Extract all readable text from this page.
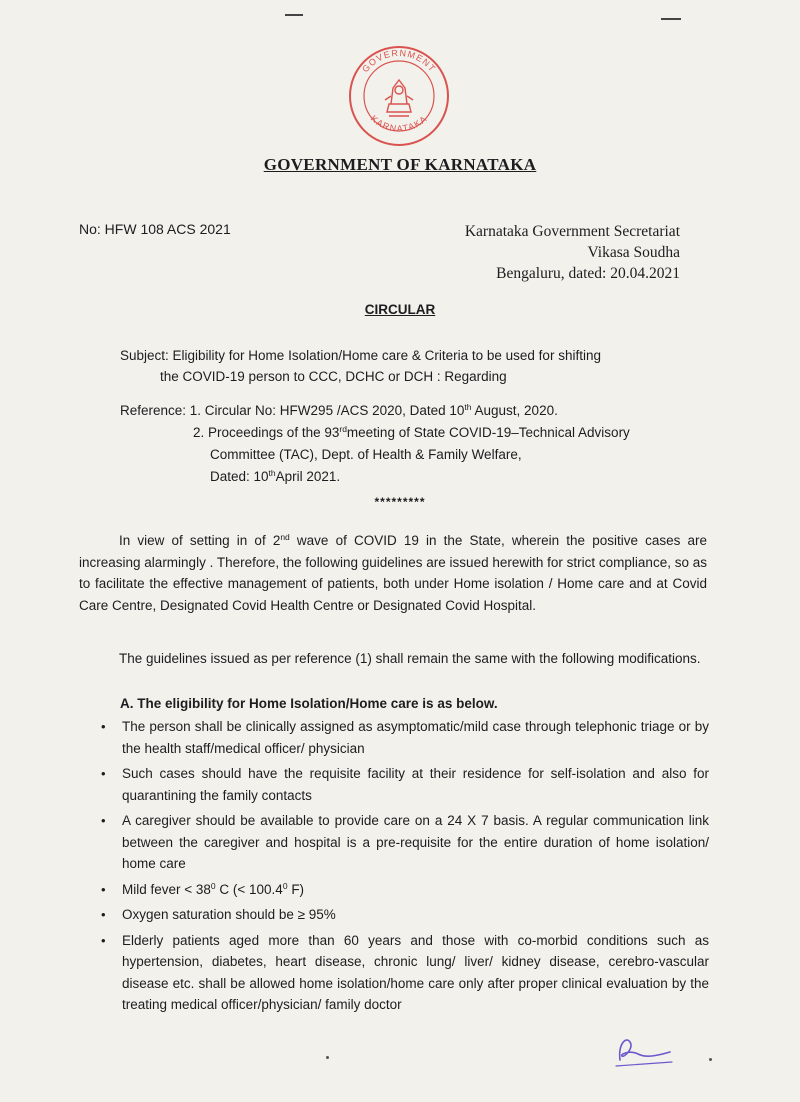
GOVERNMENT
KARNATAKA
GOVERNMENT OF KARNATAKA
No: HFW 108 ACS 2021	Karnataka Government Secretariat
Vikasa Soudha
Bengaluru, dated: 20.04.2021
CIRCULAR
Subject: Eligibility for Home Isolation/Home care & Criteria to be used for shifting
the COVID-19 person to CCC, DCHC or DCH : Regarding
Reference: 1. Circular No: HFW295 /ACS 2020, Dated 10th August, 2020.
2. Proceedings of the 93rdmeeting of State COVID-19–Technical Advisory
Committee (TAC), Dept. of Health & Family Welfare,
Dated: 10thApril 2021.
*********
In view of setting in of 2nd wave of COVID 19 in the State, wherein the positive cases are increasing alarmingly . Therefore, the following guidelines are issued herewith for strict compliance, so as to facilitate the effective management of patients, both under Home isolation / Home care and at Covid Care Centre, Designated Covid Health Centre or Designated Covid Hospital.
The guidelines issued as per reference (1) shall remain the same with the following modifications.
A. The eligibility for Home Isolation/Home care is as below.
• The person shall be clinically assigned as asymptomatic/mild case through telephonic triage or by the health staff/medical officer/ physician
• Such cases should have the requisite facility at their residence for self-isolation and also for quarantining the family contacts
• A caregiver should be available to provide care on a 24 X 7 basis. A regular communication link between the caregiver and hospital is a pre-requisite for the entire duration of home isolation/ home care
• Mild fever < $38^0$ C (< $100.4^0$ F)
• Oxygen saturation should be ≥ 95%
• Elderly patients aged more than 60 years and those with co-morbid conditions such as hypertension, diabetes, heart disease, chronic lung/ liver/ kidney disease, cerebro-vascular disease etc. shall be allowed home isolation/home care only after proper clinical evaluation by the treating medical officer/physician/ family doctor
